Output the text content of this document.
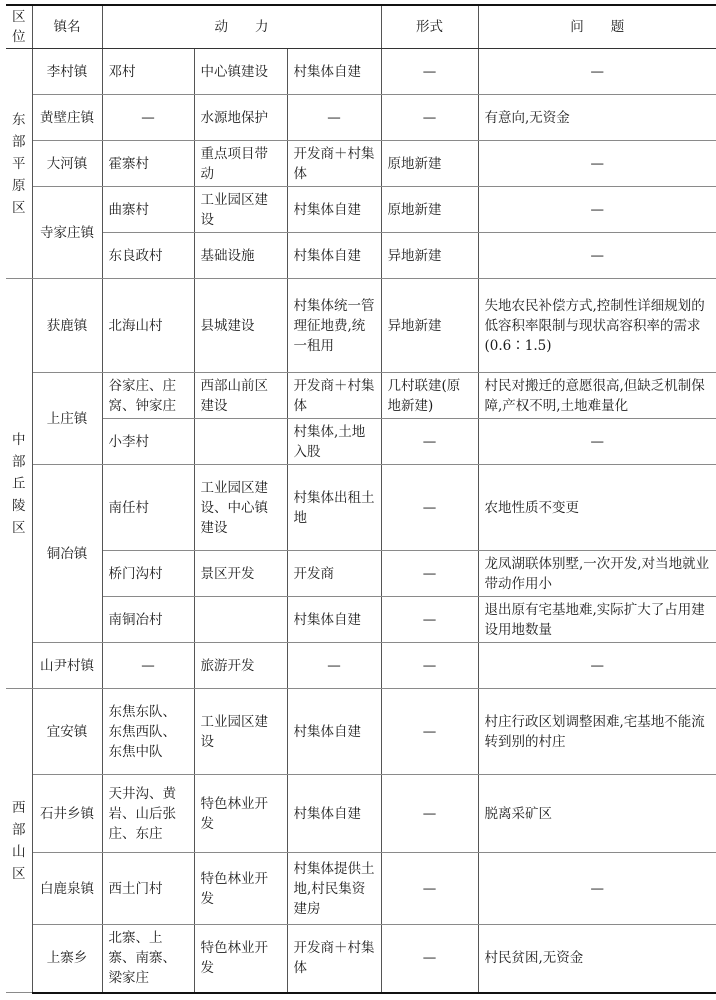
区位	镇名	动　　力			形式	问　　题
东部平原区	李村镇	邓村	中心镇建设	村集体自建	—	—
	黄壁庄镇	—	水源地保护	—	—	有意向,无资金
	大河镇	霍寨村	重点项目带动	开发商＋村集体	原地新建	—
	寺家庄镇	曲寨村	工业园区建设	村集体自建	原地新建	—
		东良政村	基础设施	村集体自建	异地新建	—
中部丘陵区	获鹿镇	北海山村	县城建设	村集体统一管理征地费,统一租用	异地新建	失地农民补偿方式,控制性详细规划的低容积率限制与现状高容积率的需求(0.6∶1.5)
	上庄镇	谷家庄、庄窝、钟家庄	西部山前区建设	开发商＋村集体	几村联建(原地新建)	村民对搬迁的意愿很高,但缺乏机制保障,产权不明,土地难量化
		小李村		村集体,土地入股	—	—
	铜冶镇	南任村	工业园区建设、中心镇建设	村集体出租土地	—	农地性质不变更
		桥门沟村	景区开发	开发商	—	龙凤湖联体别墅,一次开发,对当地就业带动作用小
		南铜冶村		村集体自建	—	退出原有宅基地难,实际扩大了占用建设用地数量
	山尹村镇	—	旅游开发	—	—	—
西部山区	宜安镇	东焦东队、东焦西队、东焦中队	工业园区建设	村集体自建	—	村庄行政区划调整困难,宅基地不能流转到别的村庄
	石井乡镇	天井沟、黄岩、山后张庄、东庄	特色林业开发	村集体自建	—	脱离采矿区
	白鹿泉镇	西土门村	特色林业开发	村集体提供土地,村民集资建房	—	—
	上寨乡	北寨、上寨、南寨、梁家庄	特色林业开发	开发商＋村集体	—	村民贫困,无资金
